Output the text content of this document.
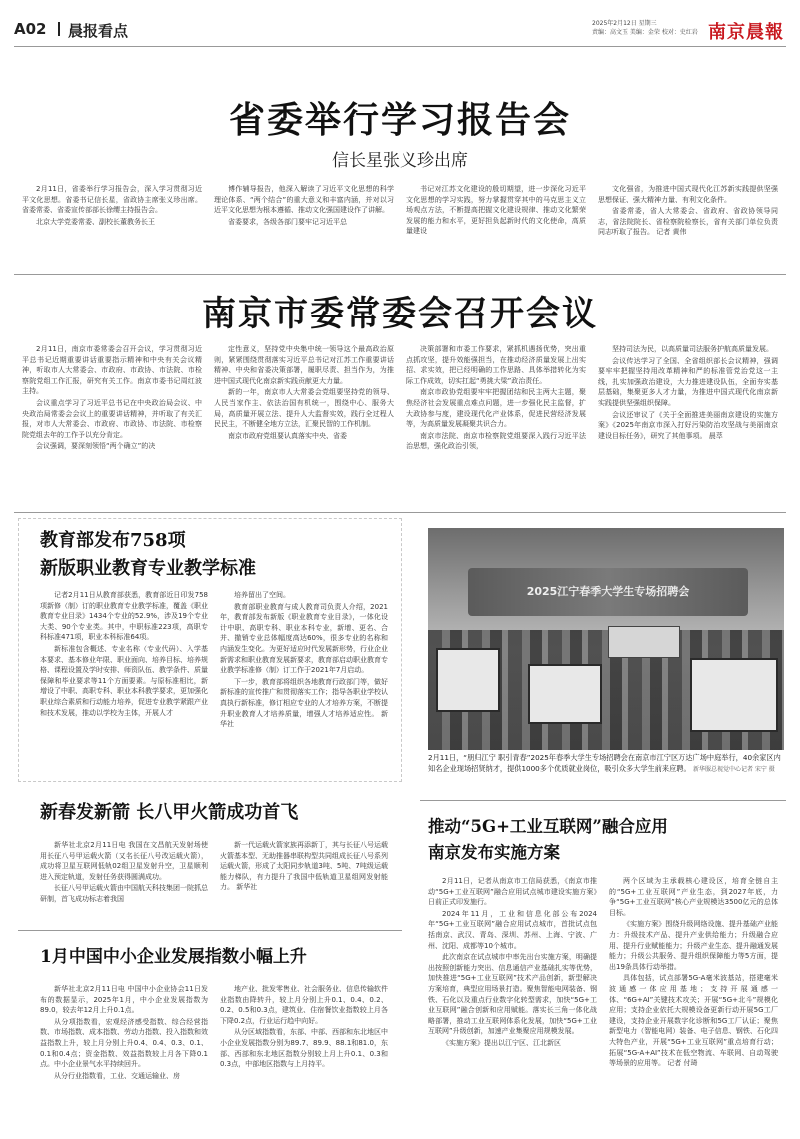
A02 晨报看点	2025年2月12日 星期三
责编：高文玉 美编：金荣 校对：史红岩 南京晨報
省委举行学习报告会
信长星张义珍出席

2月11日，省委举行学习报告会，深入学习贯彻习近平文化思想。省委书记信长星，省政协主席张义珍出席。省委常委、省委宣传部部长徐缨主持报告会。

北京大学党委常委、副校长董教务长王

博作辅导报告，他深入解读了习近平文化思想的科学理论体系、“两个结合”的重大意义和丰富内涵，并对以习近平文化思想为根本遵循、推动文化强国建设作了讲解。

省委要求，各级各部门要牢记习近平总

书记对江苏文化建设的殷切期望，进一步深化习近平文化思想的学习实践，努力掌握贯穿其中的马克思主义立场观点方法，不断提高把握文化建设规律、推动文化繁荣发展的能力和水平，更好担负起新时代的文化使命，高质量建设

文化强省，为推进中国式现代化江苏新实践提供坚强思想保证、强大精神力量、有利文化条件。

省委常委，省人大常委会、省政府、省政协领导同志，省法院院长、省检察院检察长，省有关部门单位负责同志听取了报告。 记者 黄伟

南京市委常委会召开会议

2月11日，南京市委常委会召开会议，学习贯彻习近平总书记近期重要讲话重要指示精神和中央有关会议精神，听取市人大常委会、市政府、市政协、市法院、市检察院党组工作汇报，研究有关工作。南京市委书记周红波主持。

会议重点学习了习近平总书记在中央政治局会议、中央政治局常委会会议上的重要讲话精神，并听取了有关汇报，对市人大常委会、市政府、市政协、市法院、市检察院党组去年的工作予以充分肯定。

会议强调，要深刻领悟“两个确立”的决

定性意义，坚持党中央集中统一领导这个最高政治原则，紧紧围绕贯彻落实习近平总书记对江苏工作重要讲话精神、中央和省委决策部署，履职尽责、担当作为，为推进中国式现代化南京新实践贡献更大力量。

新的一年，南京市人大常委会党组要坚持党的领导、人民当家作主、依法治国有机统一，围绕中心、服务大局，高质量开展立法、提升人大监督实效，践行全过程人民民主，不断健全地方立法，汇聚民智的工作机制。

南京市政府党组要认真落实中央、省委

决策部署和市委工作要求，紧抓机遇扬优势，突出重点抓攻坚，提升效能强担当，在推动经济质量发展上出实招、求实效，把已经明确的工作思路、具体举措转化为实际工作成效，切实扛起“勇挑大梁”政治责任。

南京市政协党组要牢牢把握团结和民主两大主题，聚焦经济社会发展重点难点问题，进一步强化民主监督，扩大政协参与度，建设现代化产业体系，促进民营经济发展等，为高质量发展凝聚共识合力。

南京市法院、南京市检察院党组要深入践行习近平法治思想，强化政治引领，

坚持司法为民，以高质量司法服务护航高质量发展。

会议传达学习了全国、全省组织部长会议精神，强调要牢牢把握坚持用改革精神和严的标准管党治党这一主线，扎实加强政治建设，大力推进建设队伍，全面夯实基层基础，集聚更多人才力量，为推进中国式现代化南京新实践提供坚强组织保障。

会议还审议了《关于全面推进美丽南京建设的实施方案》《2025年南京市深入打好污染防治攻坚战与美丽南京建设目标任务》，研究了其他事项。 晨萃

教育部发布758项
新版职业教育专业教学标准

记者2月11日从教育部获悉，教育部近日印发758项新修（制）订的职业教育专业教学标准，覆盖《职业教育专业目录》1434个专业的52.9%，涉及19个专业大类、90个专业类。其中，中职标准223项，高职专科标准471项，职业本科标准64项。

新标准包含概述、专业名称（专业代码）、入学基本要求、基本修业年限、职业面向、培养目标、培养规格、课程设置及学时安排、师资队伍、教学条件、质量保障和毕业要求等11个方面要素。与原标准相比，新增设了中职、高职专科、职业本科教学要求，更加强化职业综合素质和行动能力培养，促进专业教学紧跟产业和技术发展，推动以学校为主体，开展人才

培养留出了空间。

教育部职业教育与成人教育司负责人介绍，2021年，教育部发布新版《职业教育专业目录》，一体化设计中职、高职专科、职业本科专业，新增、更名、合并、撤销专业总体幅度高达60%，很多专业的名称和内涵发生变化。为更好适应时代发展新形势，行业企业新需求和职业教育发展新要求，教育部启动职业教育专业教学标准修（制）订工作于2021年7月启动。

下一步，教育部将组织各地教育行政部门等，做好新标准的宣传推广和贯彻落实工作；指导各职业学校认真执行新标准，修订相应专业的人才培养方案，不断提升职业教育人才培养质量，增强人才培养适应性。 新华社

2025江宁春季大学生专场招聘会
2月11日，“朋归江宁 职引青春”2025年春季大学生专场招聘会在南京市江宁区万达广场中庭举行，40余家区内知名企业现场招贤纳才，提供1000多个优质就业岗位，吸引众多大学生前来应聘。 新华服总视觉中心记者 宋宁 摄
新春发新箭 长八甲火箭成功首飞

新华社北京2月11日电 我国在文昌航天发射场使用长征八号甲运载火箭（又名长征八号改运载火箭），成功将卫星互联网低轨02组卫星发射升空，卫星顺利进入预定轨道，发射任务获得圆满成功。

长征八号甲运载火箭由中国航天科技集团一院抓总研制，首飞成功标志着我国

新一代运载火箭家族再添新丁，其与长征八号运载火箭基本型、无助推器串联构型共同组成长征八号系列运载火箭，形成了太阳同步轨道3吨、5吨、7吨级运载能力梯队，有力提升了我国中低轨道卫星组网发射能力。 新华社

1月中国中小企业发展指数小幅上升

新华社北京2月11日电 中国中小企业协会11日发布的数据显示，2025年1月，中小企业发展指数为89.0，较去年12月上升0.1点。

从分项指数看，宏观经济感受指数、综合经营指数、市场指数、成本指数、劳动力指数、投入指数和效益指数上升，较上月分别上升0.4、0.4、0.3、0.1、0.1和0.4点；资金指数、效益指数较上月各下降0.1点。中小企业景气水平持续回升。

从分行业指数看，工业、交通运输业、房

地产业、批发零售业、社会服务业、信息传输软件业指数由降转升，较上月分别上升0.1、0.4、0.2、0.2、0.5和0.3点，建筑业、住宿餐饮业指数较上月各下降0.2点，行业运行趋中向好。

从分区域指数看，东部、中部、西部和东北地区中小企业发展指数分别为89.7、89.9、88.1和81.0，东部、西部和东北地区指数分别较上月上升0.1、0.3和0.3点，中部地区指数与上月持平。

推动“5G+工业互联网”融合应用
南京发布实施方案

2月11日，记者从南京市工信局获悉，《南京市推动“5G+工业互联网”融合应用试点城市建设实施方案》日前正式印发施行。

2024年11月，工业和信息化部公布2024年“5G+工业互联网”融合应用试点城市，首批试点包括南京、武汉、青岛、深圳、苏州、上海、宁波、广州、沈阳、成都等10个城市。

此次南京在试点城市中率先出台实施方案，明确提出按照创新能力突出、信息通信产业基础扎实等优势，加快推进“5G+工业互联网”技术产品创新，新型解决方案培育，典型应用场景打造。聚焦智能电网装备、钢铁、石化以及重点行业数字化转型需求，加快“5G+工业互联网”融合创新和应用赋能。落实长三角一体化战略部署，推动工业互联网体系化发展，加快“5G+工业互联网”升级创新，加速产业集聚应用规模发展。

《实施方案》提出以江宁区、江北新区

两个区域为主承载核心建设区，培育全链自主的“5G+工业互联网”产业生态，到2027年底，力争“5G+工业互联网”核心产业规模达3500亿元的总体目标。

《实施方案》围绕升级网络设施、提升基础产业能力：升级技术产品、提升产业供给能力；升级融合应用、提升行业赋能能力；升级产业生态、提升融通发展能力；升级公共服务、提升组织保障能力等5方面，提出19条具体行动举措。

具体包括，试点部署5G-A毫米波基站，搭建毫米波通感一体应用基地；支持开展通感一体、“6G+AI”关键技术攻关；开展“5G+北斗”规模化应用；支持企业依托大规模设备更新行动开展5G工厂建设，支持企业开展数字化诊断和5G工厂认证；聚焦新型电力（智能电网）装备、电子信息、钢铁、石化四大特色产业，开展“5G+工业互联网”重点培育行动；拓展“5G-A+AI”技术在低空物流、车联网、自动驾驶等场景的应用等。 记者 付琦
